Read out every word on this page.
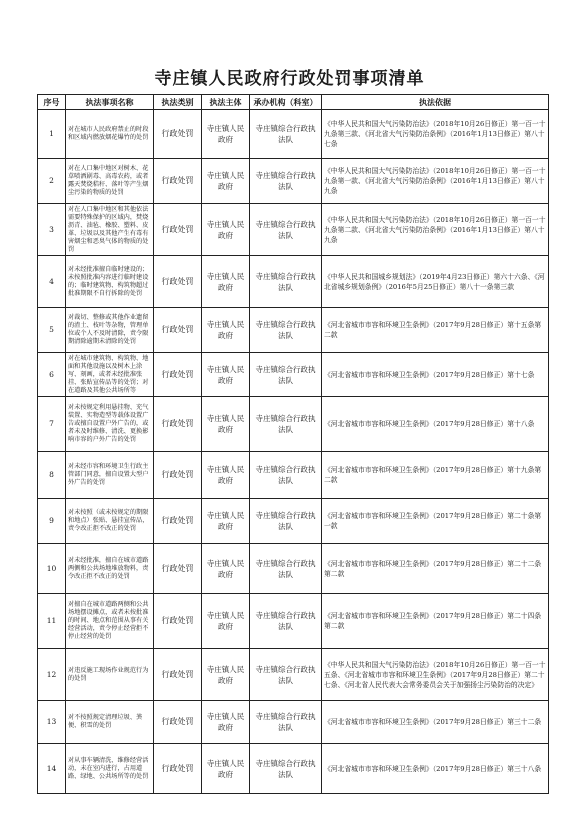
寺庄镇人民政府行政处罚事项清单
序号	执法事项名称	执法类别	执法主体	承办机构（科室）	执法依据
1	对在城市人民政府禁止的时段和区域内燃放烟花爆竹的处罚	行政处罚	寺庄镇人民政府	寺庄镇综合行政执法队	《中华人民共和国大气污染防治法》（2018年10月26日修正）第一百一十九条第三款、《河北省大气污染防治条例》（2016年1月13日修正）第八十七条
2	对在人口集中地区对树木、花草喷洒剧毒、高毒农药，或者露天焚烧秸秆、落叶等产生烟尘污染的物质的处罚	行政处罚	寺庄镇人民政府	寺庄镇综合行政执法队	《中华人民共和国大气污染防治法》（2018年10月26日修正）第一百一十九条第一款、《河北省大气污染防治条例》（2016年1月13日修正）第八十九条
3	对在人口集中地区和其他依法需要特殊保护的区域内，焚烧沥青、油毡、橡胶、塑料、皮革、垃圾以及其他产生有毒有害烟尘和恶臭气体的物质的处罚	行政处罚	寺庄镇人民政府	寺庄镇综合行政执法队	《中华人民共和国大气污染防治法》（2018年10月26日修正）第一百一十九条第二款、《河北省大气污染防治条例》（2016年1月13日修正）第八十九条
4	对未经批准擅自临时建设的；未按照批准内容进行临时建设的；临时建筑物、构筑物超过批准期限不自行拆除的处罚	行政处罚	寺庄镇人民政府	寺庄镇综合行政执法队	《中华人民共和国城乡规划法》（2019年4月23日修正）第六十六条、《河北省城乡规划条例》（2016年5月25日修正）第八十一条第三款
5	对裁切、整修或其他作业遗留的渣土、枝叶等杂物，管理单位或个人不及时清除，责令限期清除逾期未清除的处罚	行政处罚	寺庄镇人民政府	寺庄镇综合行政执法队	《河北省城市市容和环境卫生条例》（2017年9月28日修正）第十五条第二款
6	对在城市建筑物、构筑物、地面和其他设施以及树木上涂写、刻画，或者未经批准张挂、张贴宣传品等的处罚；对在道路及其他公共场所等	行政处罚	寺庄镇人民政府	寺庄镇综合行政执法队	《河北省城市市容和环境卫生条例》（2017年9月28日修正）第十七条
7	对未按规定利用悬挂物、充气装置、实物造型等载体设置广告或擅自设置户外广告的，或者未及时维修、清洗、更换影响市容的户外广告的处罚	行政处罚	寺庄镇人民政府	寺庄镇综合行政执法队	《河北省城市市容和环境卫生条例》（2017年9月28日修正）第十八条
8	对未经市容和环境卫生行政主管部门同意，擅自设置大型户外广告的处罚	行政处罚	寺庄镇人民政府	寺庄镇综合行政执法队	《河北省城市市容和环境卫生条例》（2017年9月28日修正）第十九条第二款
9	对未按照（或未按规定的期限和地点）张贴、悬挂宣传品，责令改正拒不改正的处罚	行政处罚	寺庄镇人民政府	寺庄镇综合行政执法队	《河北省城市市容和环境卫生条例》（2017年9月28日修正）第二十条第一款
10	对未经批准，擅自在城市道路两侧和公共场地堆放物料，责令改正拒不改正的处罚	行政处罚	寺庄镇人民政府	寺庄镇综合行政执法队	《河北省城市市容和环境卫生条例》（2017年9月28日修正）第二十二条第二款
11	对擅自在城市道路两侧和公共场地摆设摊点，或者未按批准的时间、地点和范围从事有关经营活动，责令停止经营拒不停止经营的处罚	行政处罚	寺庄镇人民政府	寺庄镇综合行政执法队	《河北省城市市容和环境卫生条例》（2017年9月28日修正）第二十四条第二款
12	对违反施工现场作业规范行为的处罚	行政处罚	寺庄镇人民政府	寺庄镇综合行政执法队	《中华人民共和国大气污染防治法》（2018年10月26日修正）第一百一十五条、《河北省城市市容和环境卫生条例》（2017年9月28日修正）第二十七条、《河北省人民代表大会常务委员会关于加强扬尘污染防治的决定》
13	对不按照规定清理垃圾、粪便、积雪的处罚	行政处罚	寺庄镇人民政府	寺庄镇综合行政执法队	《河北省城市市容和环境卫生条例》（2017年9月28日修正）第三十二条
14	对从事车辆清洗、维修经营活动，未在室内进行，占用道路、绿地、公共场所等的处罚	行政处罚	寺庄镇人民政府	寺庄镇综合行政执法队	《河北省城市市容和环境卫生条例》（2017年9月28日修正）第三十八条
